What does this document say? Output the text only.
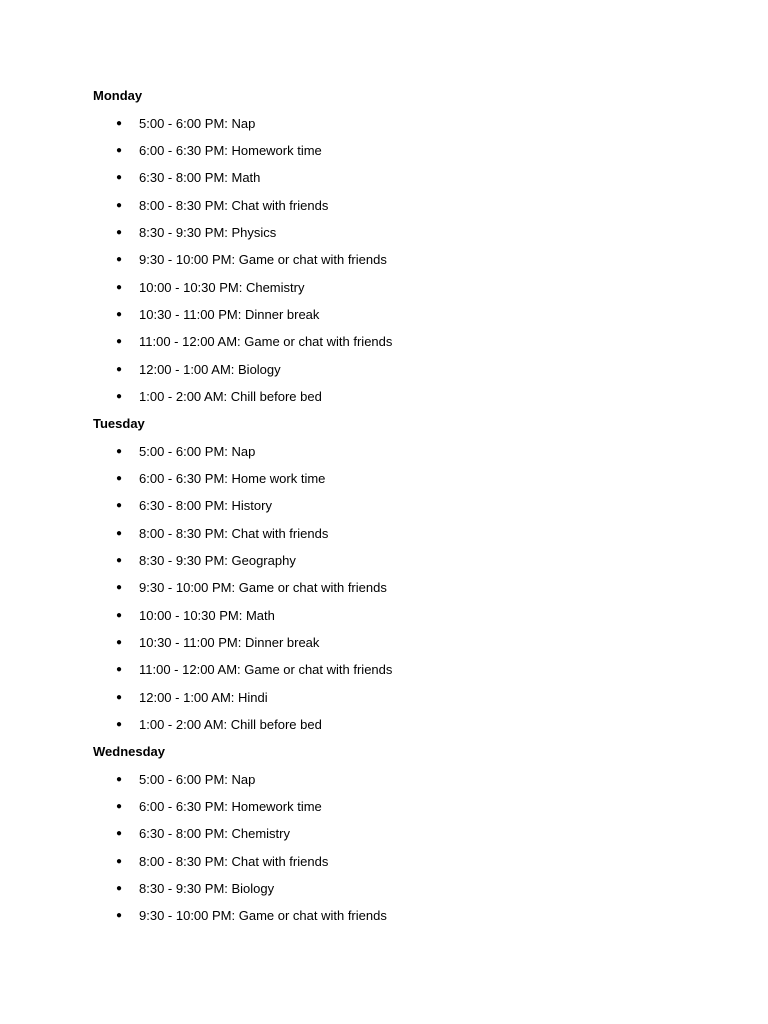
Monday
● 5:00 - 6:00 PM: Nap
● 6:00 - 6:30 PM: Homework time
● 6:30 - 8:00 PM: Math
● 8:00 - 8:30 PM: Chat with friends
● 8:30 - 9:30 PM: Physics
● 9:30 - 10:00 PM: Game or chat with friends
● 10:00 - 10:30 PM: Chemistry
● 10:30 - 11:00 PM: Dinner break
● 11:00 - 12:00 AM: Game or chat with friends
● 12:00 - 1:00 AM: Biology
● 1:00 - 2:00 AM: Chill before bed
Tuesday
● 5:00 - 6:00 PM: Nap
● 6:00 - 6:30 PM: Home work time
● 6:30 - 8:00 PM: History
● 8:00 - 8:30 PM: Chat with friends
● 8:30 - 9:30 PM: Geography
● 9:30 - 10:00 PM: Game or chat with friends
● 10:00 - 10:30 PM: Math
● 10:30 - 11:00 PM: Dinner break
● 11:00 - 12:00 AM: Game or chat with friends
● 12:00 - 1:00 AM: Hindi
● 1:00 - 2:00 AM: Chill before bed
Wednesday
● 5:00 - 6:00 PM: Nap
● 6:00 - 6:30 PM: Homework time
● 6:30 - 8:00 PM: Chemistry
● 8:00 - 8:30 PM: Chat with friends
● 8:30 - 9:30 PM: Biology
● 9:30 - 10:00 PM: Game or chat with friends
